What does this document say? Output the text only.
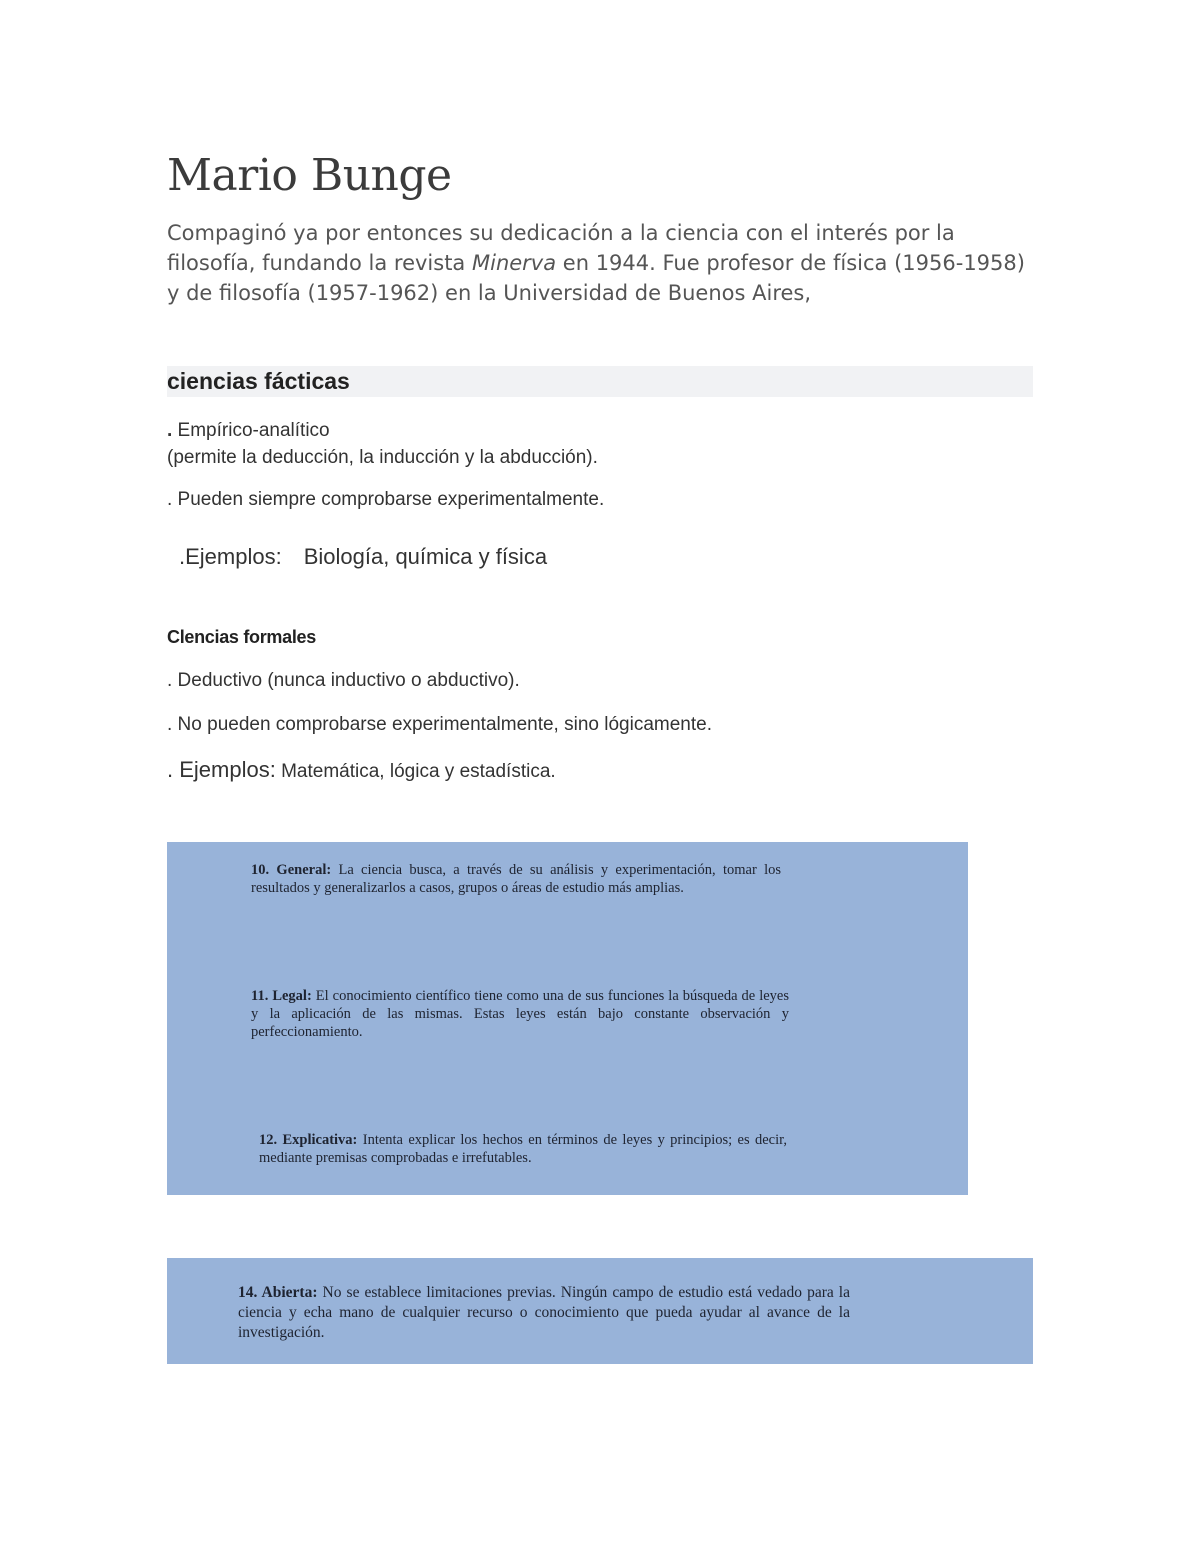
Mario Bunge

Compaginó ya por entonces su dedicación a la ciencia con el interés por la filosofía, fundando la revista Minerva en 1944. Fue profesor de física (1956-1958) y de filosofía (1957-1962) en la Universidad de Buenos Aires,

ciencias fácticas

. Empírico-analítico

(permite la deducción, la inducción y la abducción).

. Pueden siempre comprobarse experimentalmente.

.Ejemplos: Biología, química y física

Clencias formales

. Deductivo (nunca inductivo o abductivo).

. No pueden comprobarse experimentalmente, sino lógicamente.

. Ejemplos: Matemática, lógica y estadística.

10. General: La ciencia busca, a través de su análisis y experimentación, tomar los resultados y generalizarlos a casos, grupos o áreas de estudio más amplias.

11. Legal: El conocimiento científico tiene como una de sus funciones la búsqueda de leyes y la aplicación de las mismas. Estas leyes están bajo constante observación y perfeccionamiento.

12. Explicativa: Intenta explicar los hechos en términos de leyes y principios; es decir, mediante premisas comprobadas e irrefutables.

14. Abierta: No se establece limitaciones previas. Ningún campo de estudio está vedado para la ciencia y echa mano de cualquier recurso o conocimiento que pueda ayudar al avance de la investigación.
